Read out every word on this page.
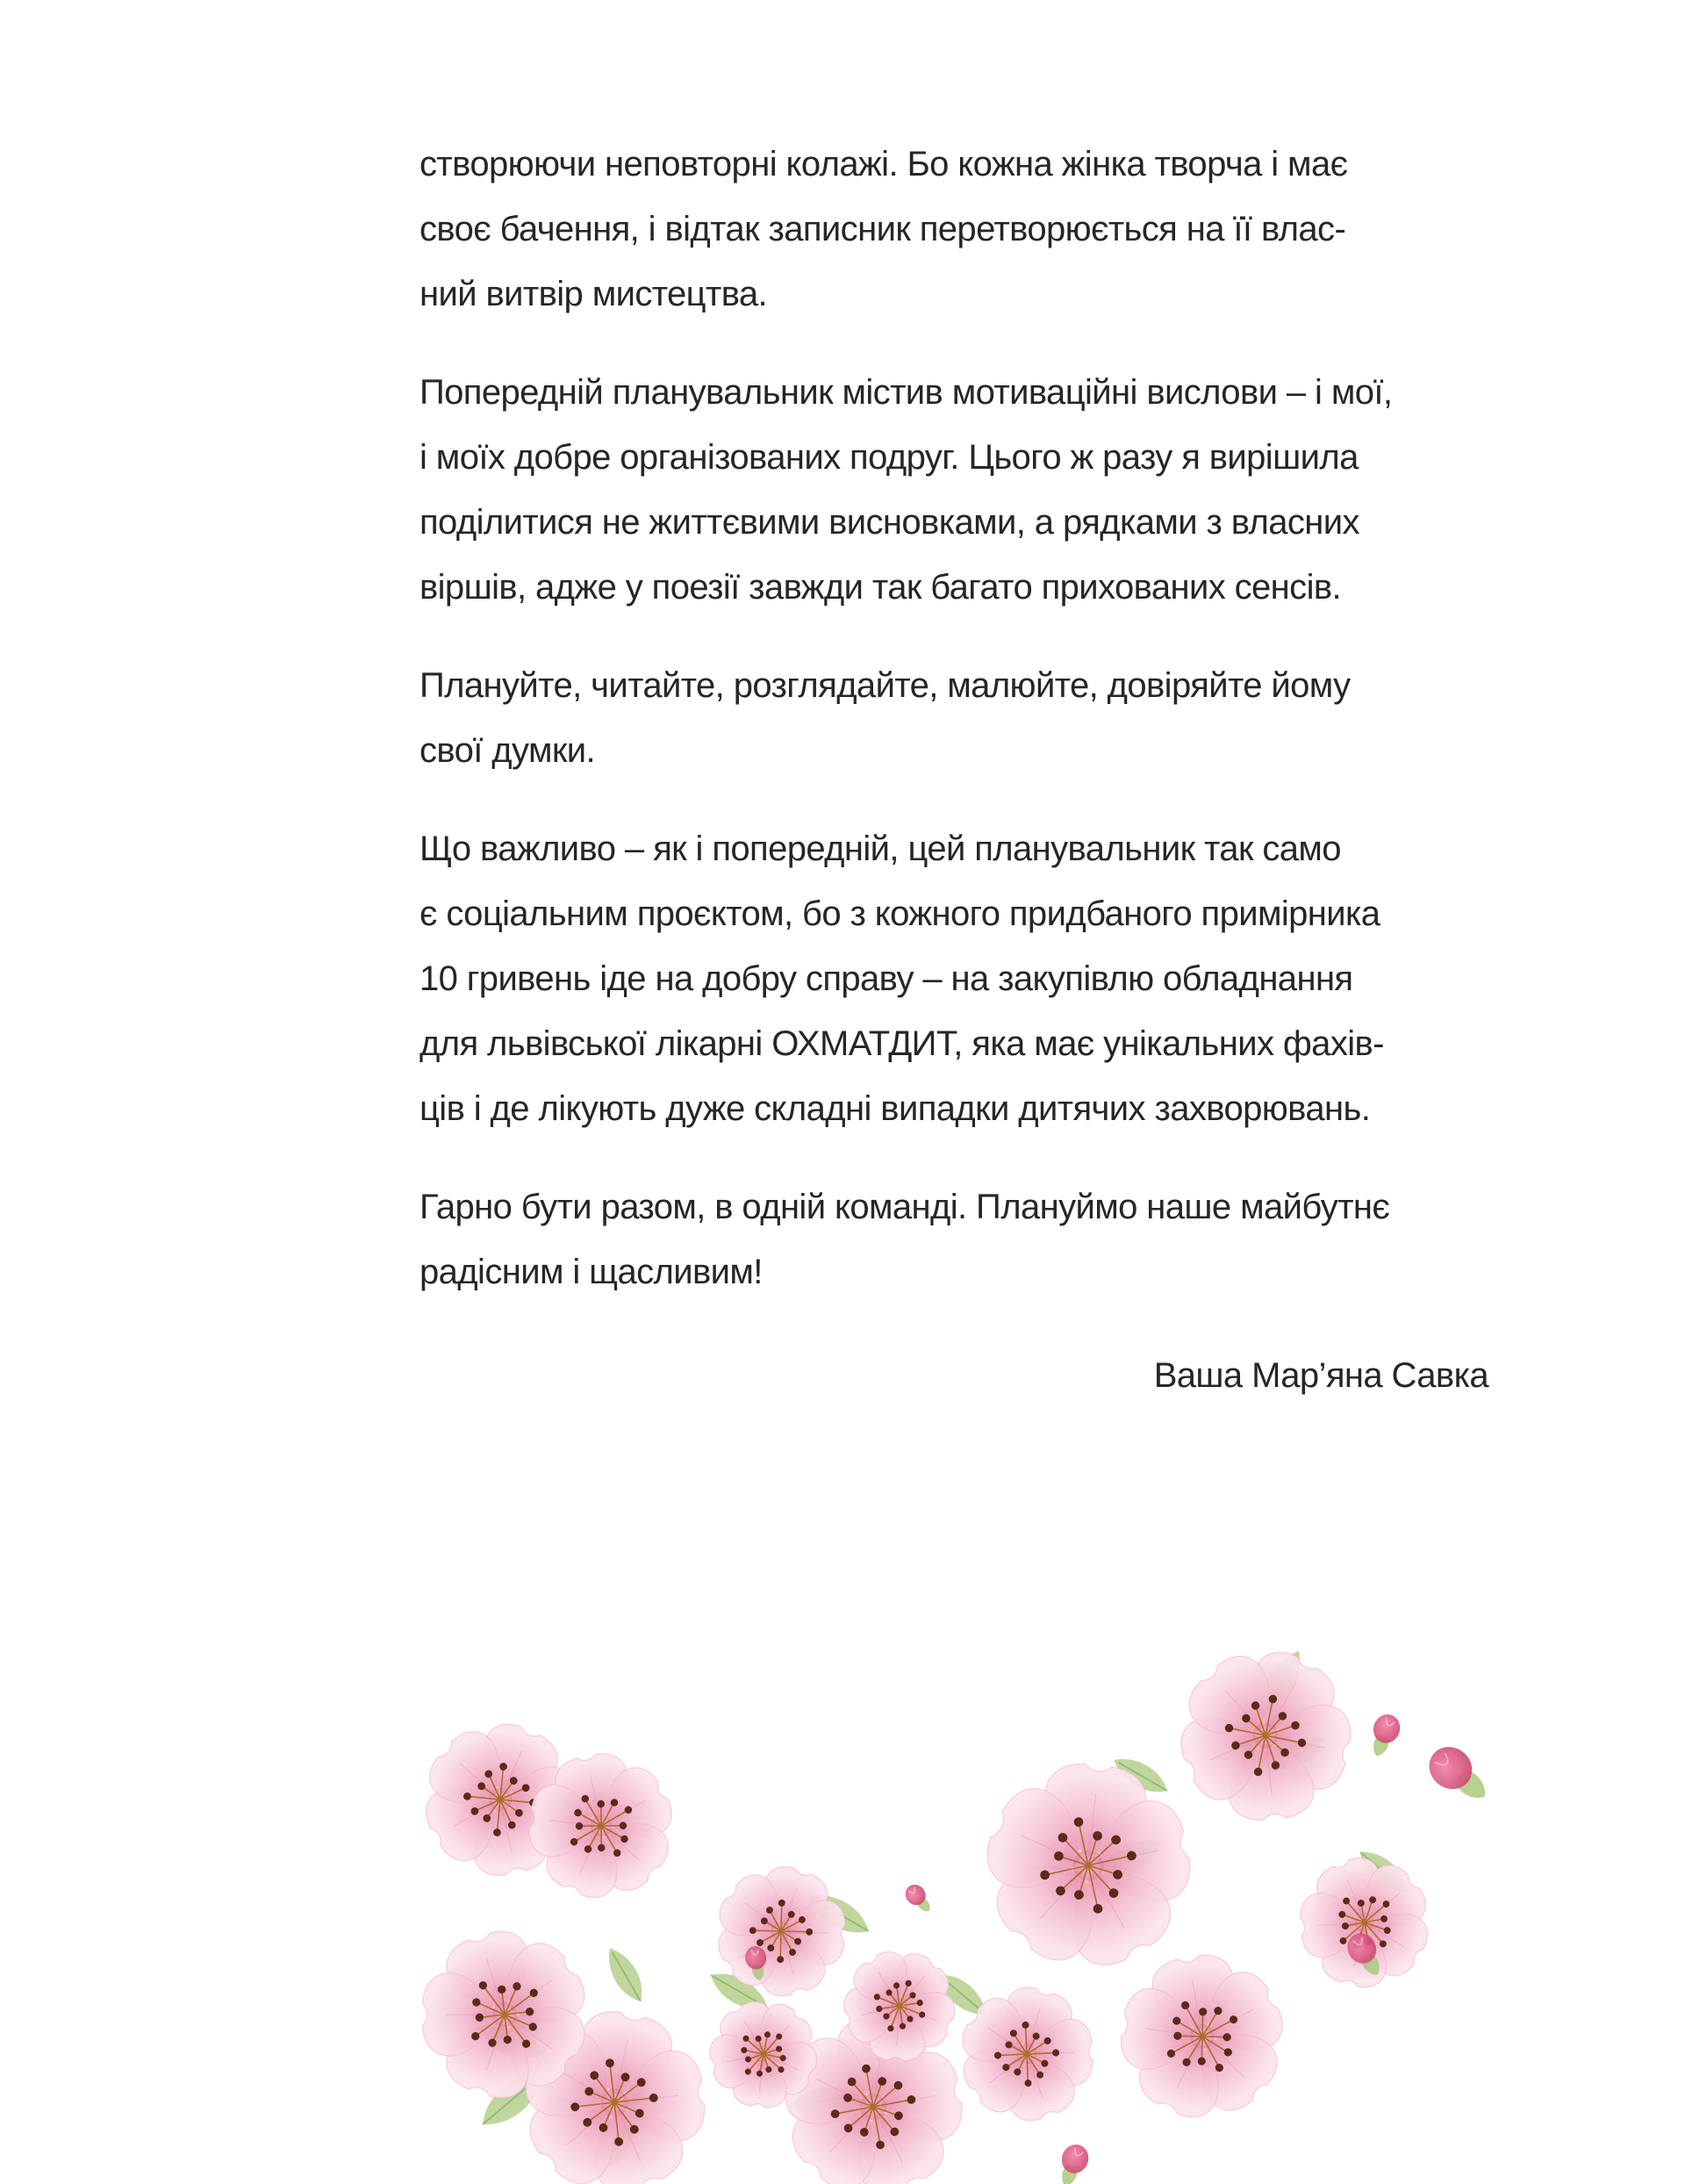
створюючи неповторні колажі. Бо кожна жінка творча і має
своє бачення, і відтак записник перетворюється на її влас-
ний витвір мистецтва.
Попередній планувальник містив мотиваційні вислови – і мої,
і моїх добре організованих подруг. Цього ж разу я вирішила
поділитися не життєвими висновками, а рядками з власних
віршів, адже у поезії завжди так багато прихованих сенсів.
Плануйте, читайте, розглядайте, малюйте, довіряйте йому
свої думки.
Що важливо – як і попередній, цей планувальник так само
є соціальним проєктом, бо з кожного придбаного примірника
10 гривень іде на добру справу – на закупівлю обладнання
для львівської лікарні ОХМАТДИТ, яка має унікальних фахів-
ців і де лікують дуже складні випадки дитячих захворювань.
Гарно бути разом, в одній команді. Плануймо наше майбутнє
радісним і щасливим!
Ваша Мар’яна Савка
